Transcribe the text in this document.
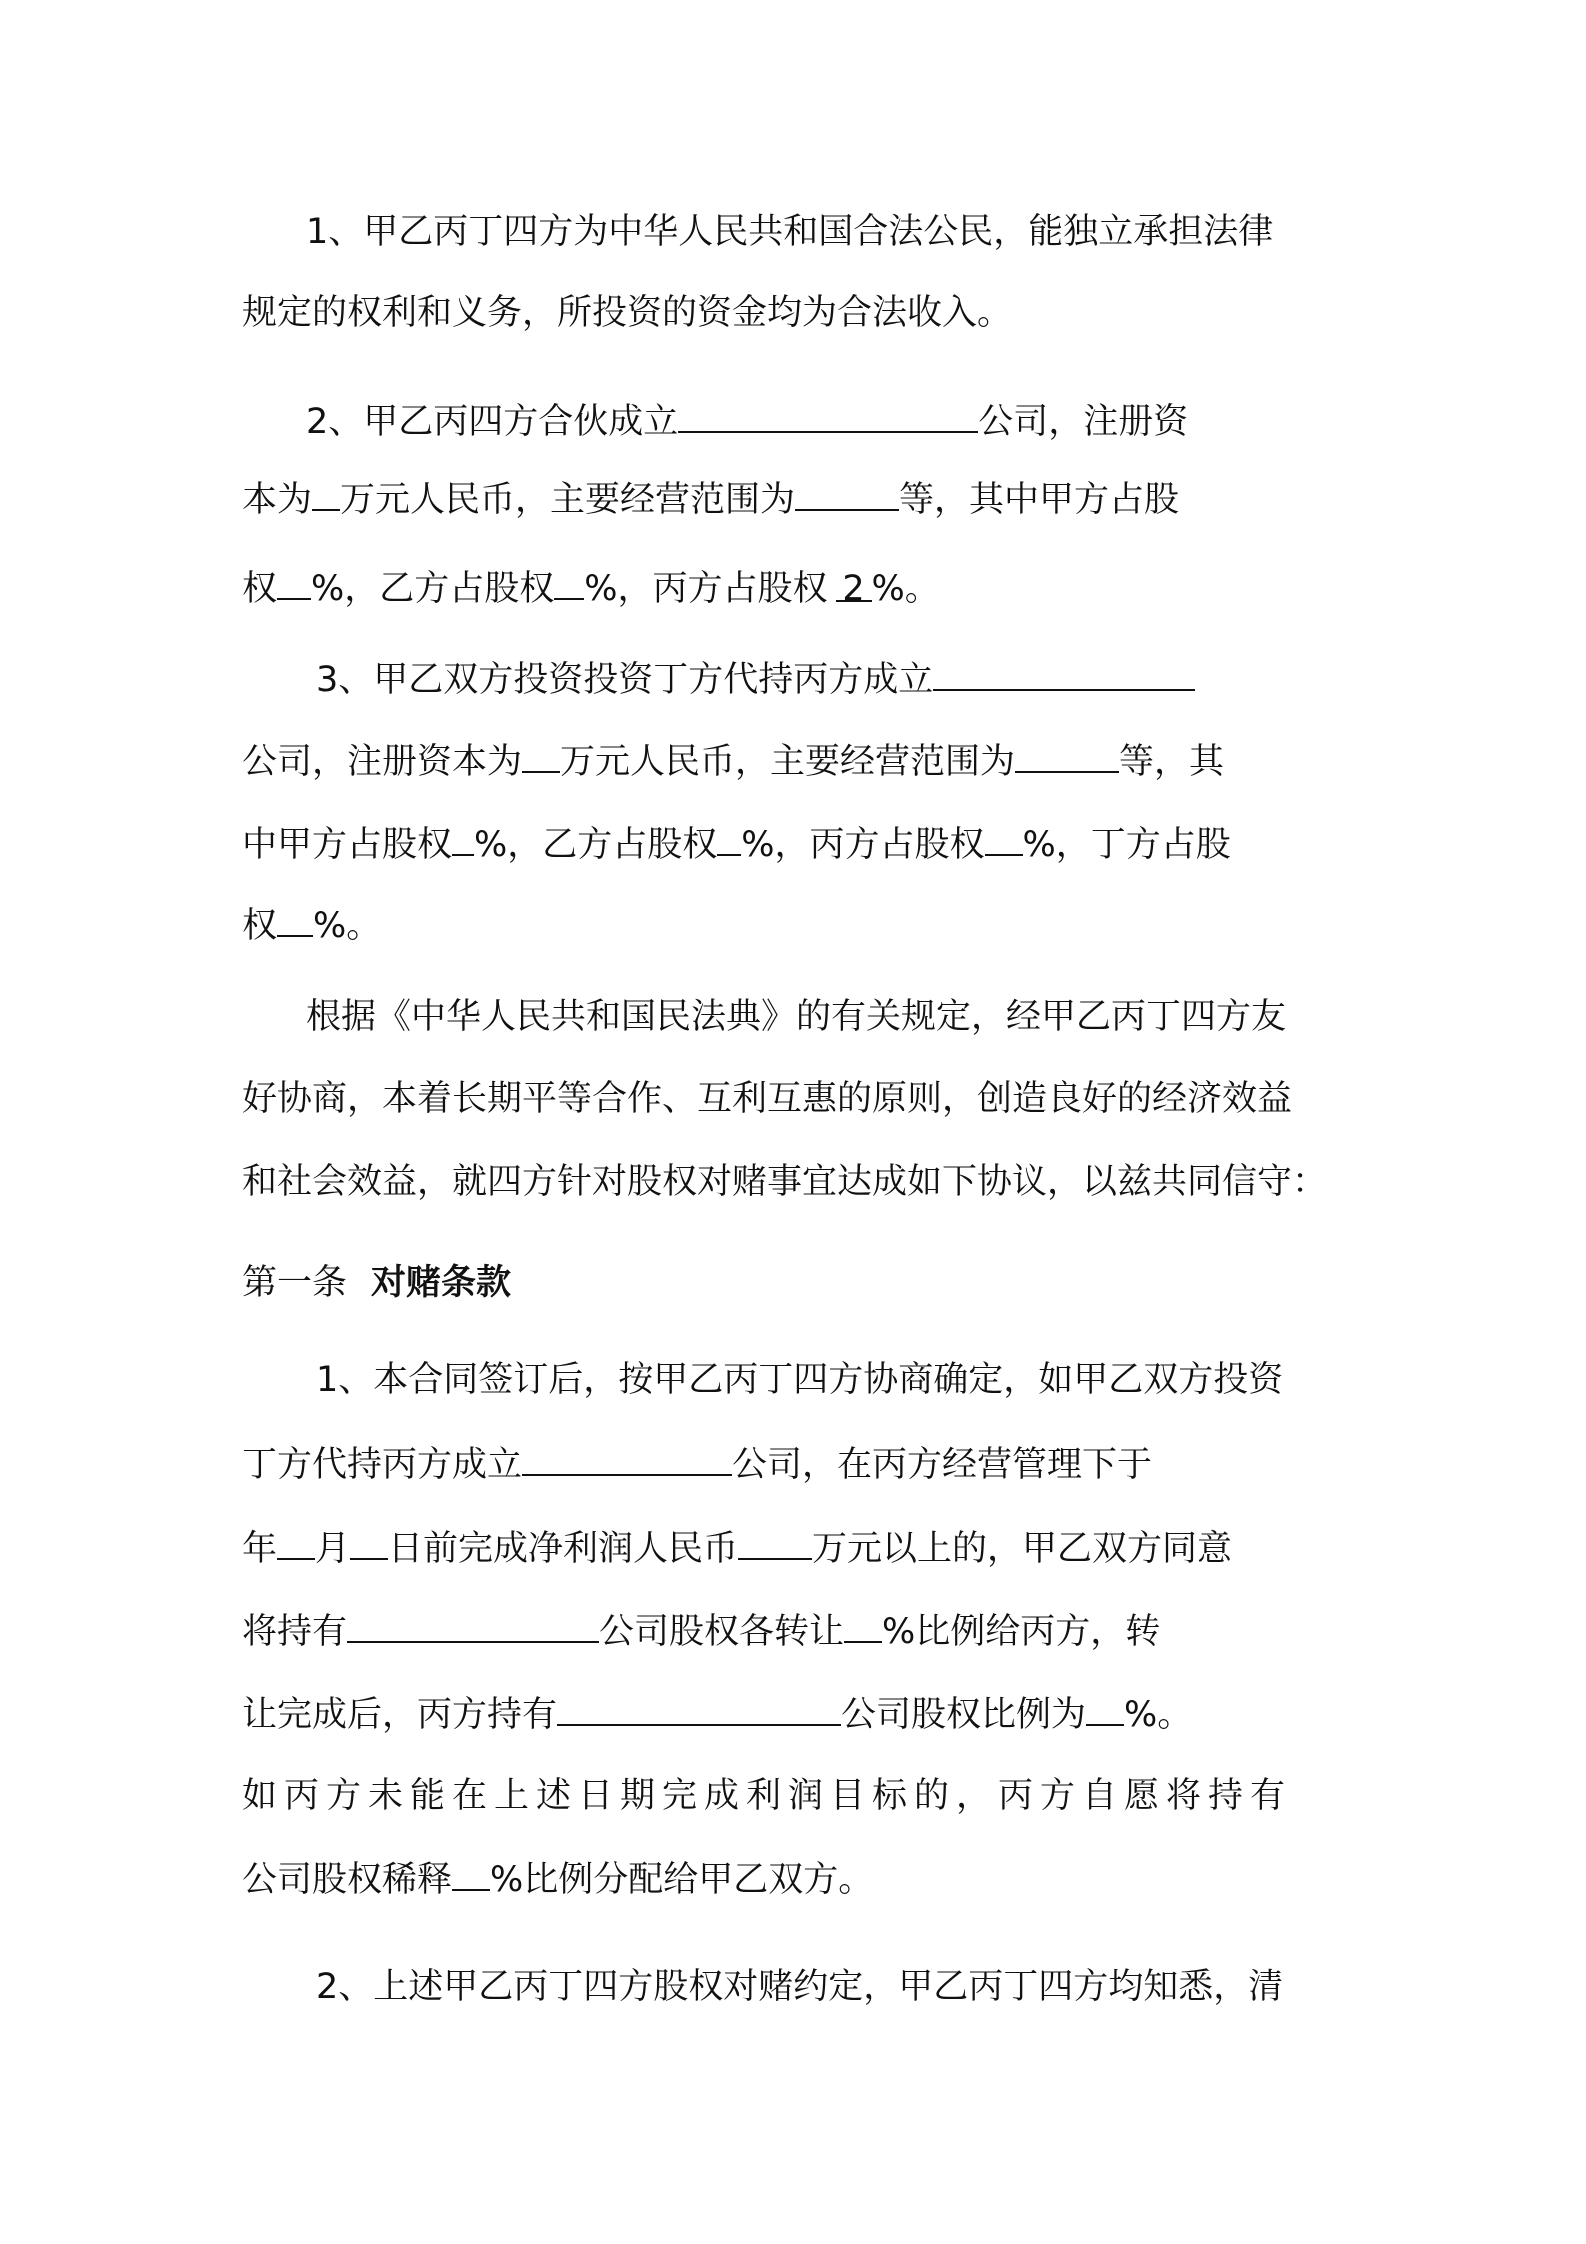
1、甲乙丙丁四方为中华人民共和国合法公民，能独立承担法律
规定的权利和义务，所投资的资金均为合法收入。
2、甲乙丙四方合伙成立	公司，注册资
本为 万元人民币，主要经营范围为	等，其中甲方占股
权 %，乙方占股权 %，丙方占股权 2 %。
3、甲乙双方投资投资丁方代持丙方成立
公司，注册资本为 万元人民币，主要经营范围为	等，其
中甲方占股权 %，乙方占股权 %，丙方占股权 %，丁方占股
权 %。
根据《中华人民共和国民法典》的有关规定，经甲乙丙丁四方友
好协商，本着长期平等合作、互利互惠的原则，创造良好的经济效益
和社会效益，就四方针对股权对赌事宜达成如下协议，以兹共同信守：
第一条 对赌条款
1、本合同签订后，按甲乙丙丁四方协商确定，如甲乙双方投资
丁方代持丙方成立	公司，在丙方经营管理下于
年 月 日前完成净利润人民币 万元以上的，甲乙双方同意
将持有	公司股权各转让 %比例给丙方，转
让完成后，丙方持有	公司股权比例为 %。
如丙方未能在上述日期完成利润目标的，丙方自愿将持有
公司股权稀释 %比例分配给甲乙双方。
2、上述甲乙丙丁四方股权对赌约定，甲乙丙丁四方均知悉，清
